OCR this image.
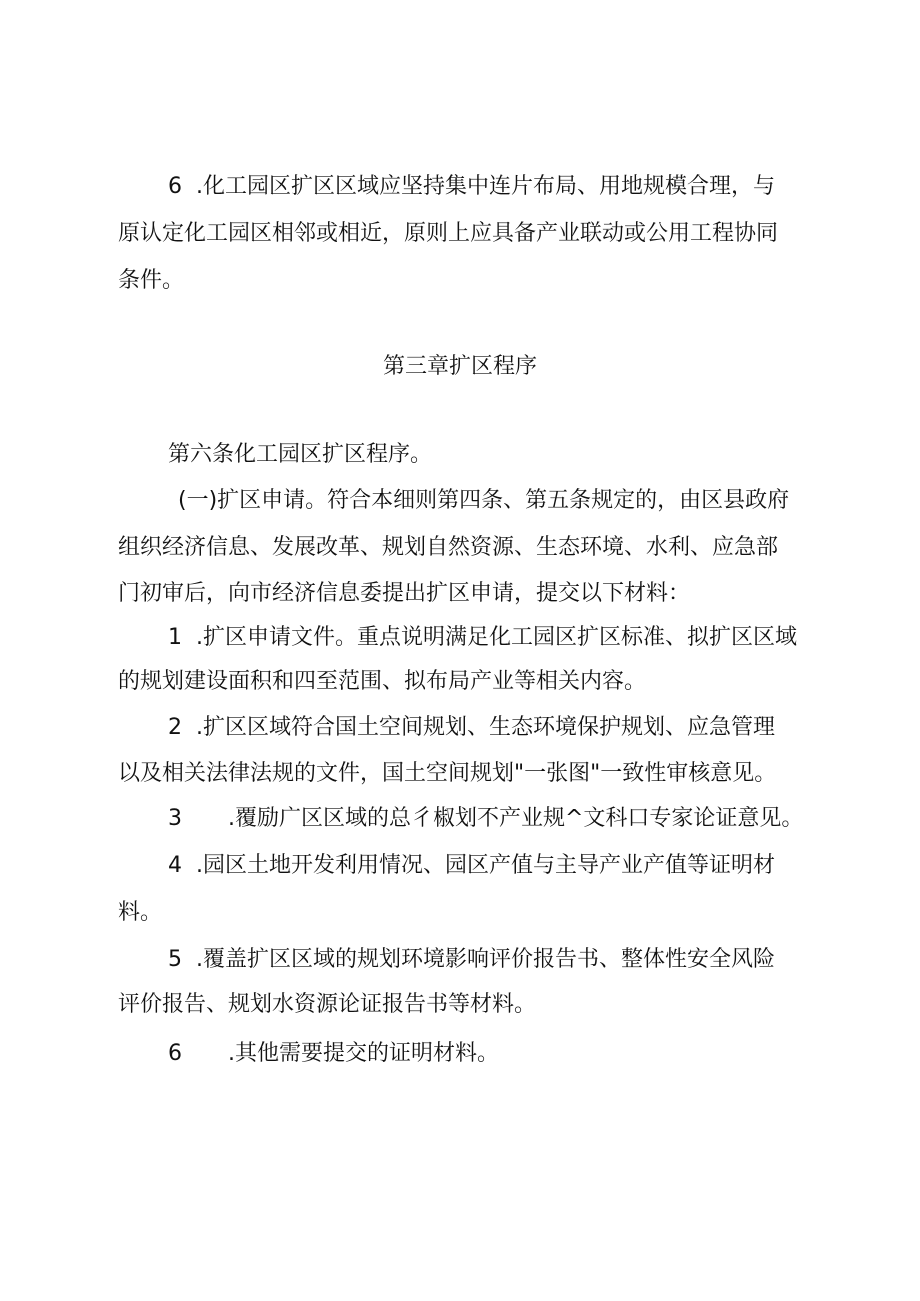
6 .化工园区扩区区域应坚持集中连片布局、用地规模合理，与
原认定化工园区相邻或相近，原则上应具备产业联动或公用工程协同
条件。
第三章扩区程序
第六条化工园区扩区程序。
(一)扩区申请。符合本细则第四条、第五条规定的，由区县政府
组织经济信息、发展改革、规划自然资源、生态环境、水利、应急部
门初审后，向市经济信息委提出扩区申请，提交以下材料：
1 .扩区申请文件。重点说明满足化工园区扩区标准、拟扩区区域
的规划建设面积和四至范围、拟布局产业等相关内容。
2 .扩区区域符合国土空间规划、生态环境保护规划、应急管理
以及相关法律法规的文件，国土空间规划"一张图"一致性审核意见。
3 .覆励广区区域的总彳椒划不产业规^文科口专家论证意见。
4 .园区土地开发利用情况、园区产值与主导产业产值等证明材
料。
5 .覆盖扩区区域的规划环境影响评价报告书、整体性安全风险
评价报告、规划水资源论证报告书等材料。
6 .其他需要提交的证明材料。
